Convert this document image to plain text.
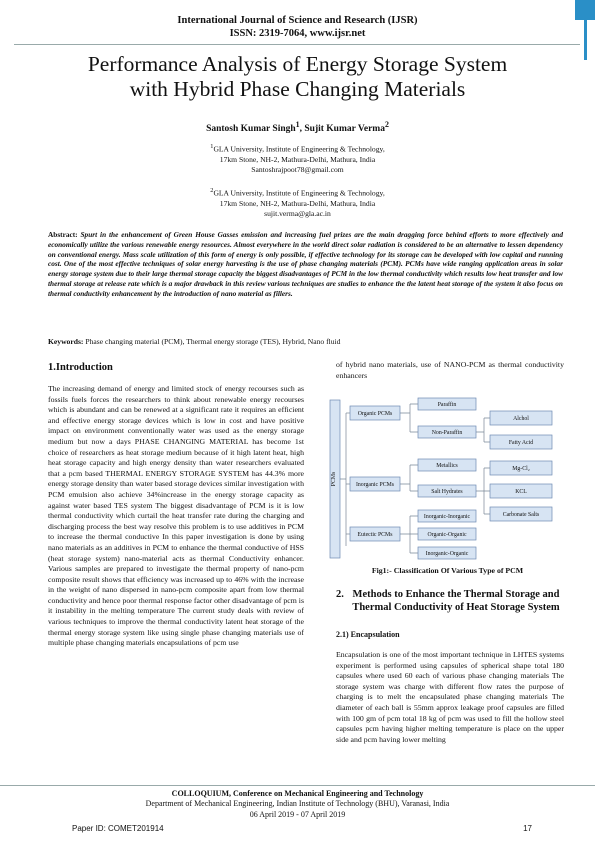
International Journal of Science and Research (IJSR)
ISSN: 2319-7064, www.ijsr.net
Performance Analysis of Energy Storage System
with Hybrid Phase Changing Materials
Santosh Kumar Singh$^1$, Sujit Kumar Verma$^2$
$^1$GLA University, Institute of Engineering & Technology,
17km Stone, NH-2, Mathura-Delhi, Mathura, India
Santoshrajpoot78@gmail.com
$^2$GLA University, Institute of Engineering & Technology,
17km Stone, NH-2, Mathura-Delhi, Mathura, India
sujit.verma@gla.ac.in
Abstract: Spurt in the enhancement of Green House Gasses emission and increasing fuel prizes are the main dragging force behind efforts to more effectively and economically utilize the various renewable energy resources. Almost everywhere in the world direct solar radiation is considered to be an alternative to lessen dependency on conventional energy. Mass scale utilization of this form of energy is only possible, if effective technology for its storage can be developed with low capital and running cost. One of the most effective techniques of solar energy harvesting is the use of phase changing materials (PCM). PCMs have wide ranging application areas in solar energy storage system due to their large thermal storage capacity the biggest disadvantages of PCM in the low thermal conductivity which results low heat transfer and low thermal storage at release rate which is a major drawback in this review various techniques are studies to enhance the the latent heat storage of the system it also focus on thermal conductivity enhancement by the introduction of nano material as fillers.
Keywords: Phase changing material (PCM), Thermal energy storage (TES), Hybrid, Nano fluid
1.Introduction
The increasing demand of energy and limited stock of energy recourses such as fossils fuels forces the researchers to think about renewable energy recourses which is abundant and can be renewed at a significant rate it requires an efficient and effective energy storage devices which is low in cost and have positive impact on environment conventionally water was used as the energy storage medium but now a days PHASE CHANGING MATERIAL has become 1st choice of researchers as heat storage medium because of it high latent heat, high heat storage capacity and high energy density than water researchers evaluated that a pcm based THERMAL ENERGY STORAGE SYSTEM has 44.3% more energy storage density than water based storage devices similar investigation with PCM emulsion also achieve 34%increase in the energy storage capacity as against water based TES system The biggest disadvantage of PCM is it is low thermal conductivity which curtail the heat transfer rate during the charging and discharging process the best way resolve this problem is to use additives in PCM to increase the thermal conductive In this paper investigation is done by using nano materials as an additives in PCM to enhance the thermal conductive of HSS (heat storage system) nano-material acts as thermal Conductivity enhancer. Various samples are prepared to investigate the thermal property of nano-pcm composite result shows that efficiency was increased up to 46% with the increase in the weight of nano dispersed in nano-pcm composite apart from low thermal conductivity and hence poor thermal response factor other disadvantage of pcm is it instability in the melting temperature The current study deals with review of various techniques to improve the thermal conductivity latent heat storage of the thermal energy storage system like using single phase changing materials use of multiple phase changing materials encapsulations of pcm use
of hybrid nano materials, use of NANO-PCM as thermal conductivity enhancers
PCMs
Organic PCMs
Paraffin
Non-Paraffin
Alchol
Fatty Acid
Inorganic PCMs
Metallics
Salt Hydrates
Mg-Cl₂
KCL
Carbonate Salts
Eutectic PCMs
Inorganic-Inorganic
Organic-Organic
Inorganic-Organic
Fig1:- Classification Of Various Type of PCM
2. Methods to Enhance the Thermal Storage and Thermal Conductivity of Heat Storage System
2.1) Encapsulation
Encapsulation is one of the most important technique in LHTES systems experiment is performed using capsules of spherical shape total 180 capsules where used 60 each of various phase changing materials The storage system was charge with different flow rates the purpose of charging is to melt the encapsulated phase changing materials The diameter of each ball is 55mm approx leakage proof capsules are filled with 100 gm of pcm total 18 kg of pcm was used to fill the hollow steel capsules pcm having higher melting temperature is place on the upper side and pcm having lower melting
COLLOQUIUM, Conference on Mechanical Engineering and Technology
Department of Mechanical Engineering, Indian Institute of Technology (BHU), Varanasi, India
06 April 2019 - 07 April 2019
Paper ID: COMET201914	17
